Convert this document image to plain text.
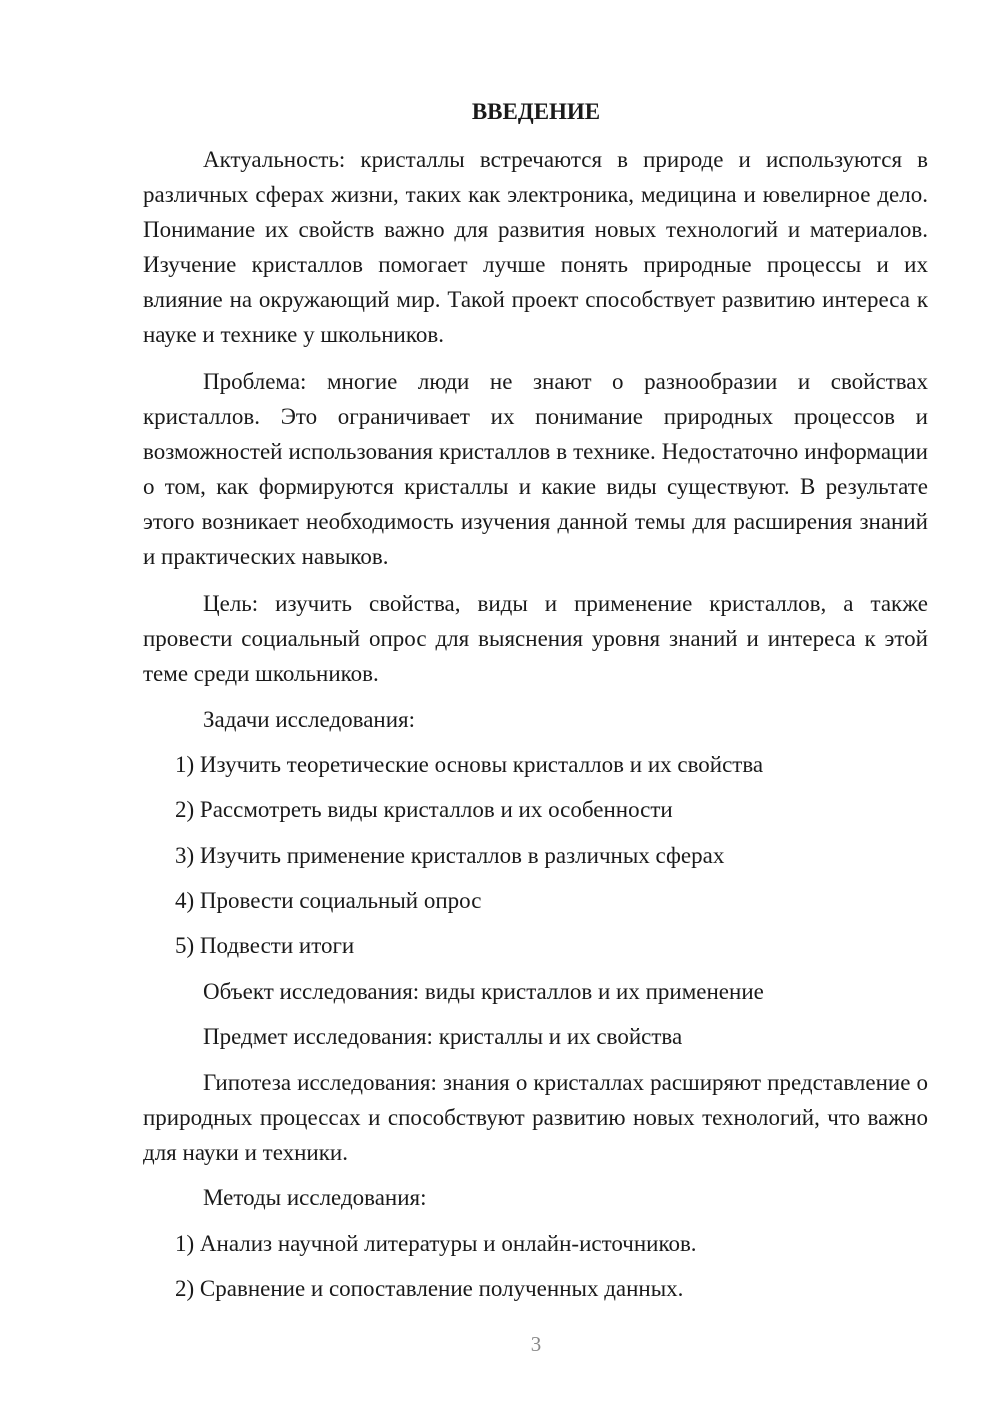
ВВЕДЕНИЕ

Актуальность: кристаллы встречаются в природе и используются в различных сферах жизни, таких как электроника, медицина и ювелирное дело. Понимание их свойств важно для развития новых технологий и материалов. Изучение кристаллов помогает лучше понять природные процессы и их влияние на окружающий мир. Такой проект способствует развитию интереса к науке и технике у школьников.

Проблема: многие люди не знают о разнообразии и свойствах кристаллов. Это ограничивает их понимание природных процессов и возможностей использования кристаллов в технике. Недостаточно информации о том, как формируются кристаллы и какие виды существуют. В результате этого возникает необходимость изучения данной темы для расширения знаний и практических навыков.

Цель: изучить свойства, виды и применение кристаллов, а также провести социальный опрос для выяснения уровня знаний и интереса к этой теме среди школьников.

Задачи исследования:

1) Изучить теоретические основы кристаллов и их свойства

2) Рассмотреть виды кристаллов и их особенности

3) Изучить применение кристаллов в различных сферах

4) Провести социальный опрос

5) Подвести итоги

Объект исследования: виды кристаллов и их применение

Предмет исследования: кристаллы и их свойства

Гипотеза исследования: знания о кристаллах расширяют представление о природных процессах и способствуют развитию новых технологий, что важно для науки и техники.

Методы исследования:

1) Анализ научной литературы и онлайн-источников.

2) Сравнение и сопоставление полученных данных.

3
